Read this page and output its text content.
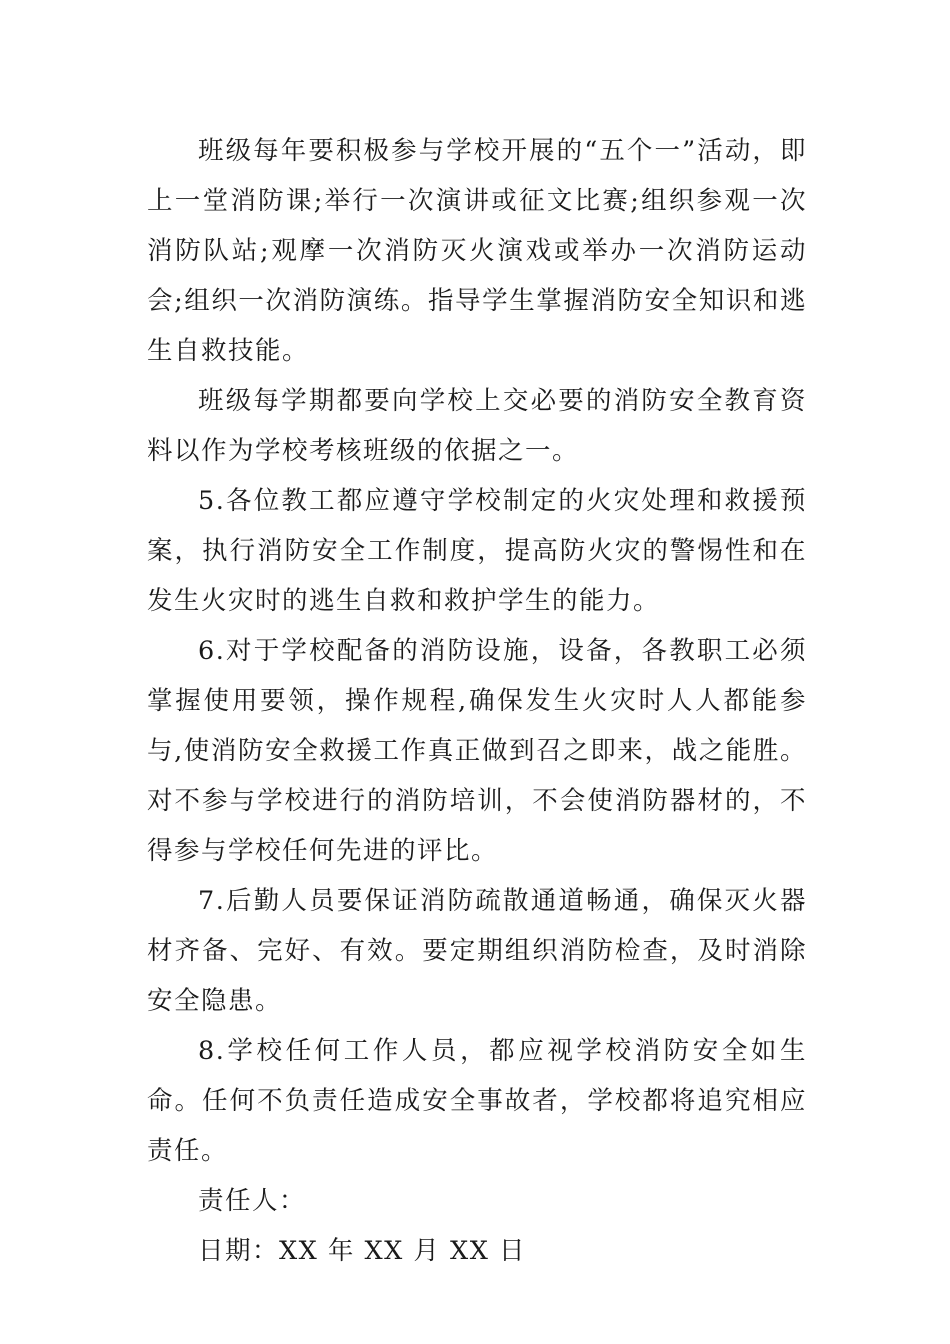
班级每年要积极参与学校开展的“五个一”活动，即上一堂消防课;举行一次演讲或征文比赛;组织参观一次消防队站;观摩一次消防灭火演戏或举办一次消防运动会;组织一次消防演练。指导学生掌握消防安全知识和逃生自救技能。

班级每学期都要向学校上交必要的消防安全教育资料以作为学校考核班级的依据之一。

5.各位教工都应遵守学校制定的火灾处理和救援预案，执行消防安全工作制度，提高防火灾的警惕性和在发生火灾时的逃生自救和救护学生的能力。

6.对于学校配备的消防设施，设备，各教职工必须掌握使用要领，操作规程,确保发生火灾时人人都能参与,使消防安全救援工作真正做到召之即来，战之能胜。对不参与学校进行的消防培训，不会使消防器材的，不得参与学校任何先进的评比。

7.后勤人员要保证消防疏散通道畅通，确保灭火器材齐备、完好、有效。要定期组织消防检查，及时消除安全隐患。

8.学校任何工作人员，都应视学校消防安全如生命。任何不负责任造成安全事故者，学校都将追究相应责任。

责任人：

日期：XX 年 XX 月 XX 日
